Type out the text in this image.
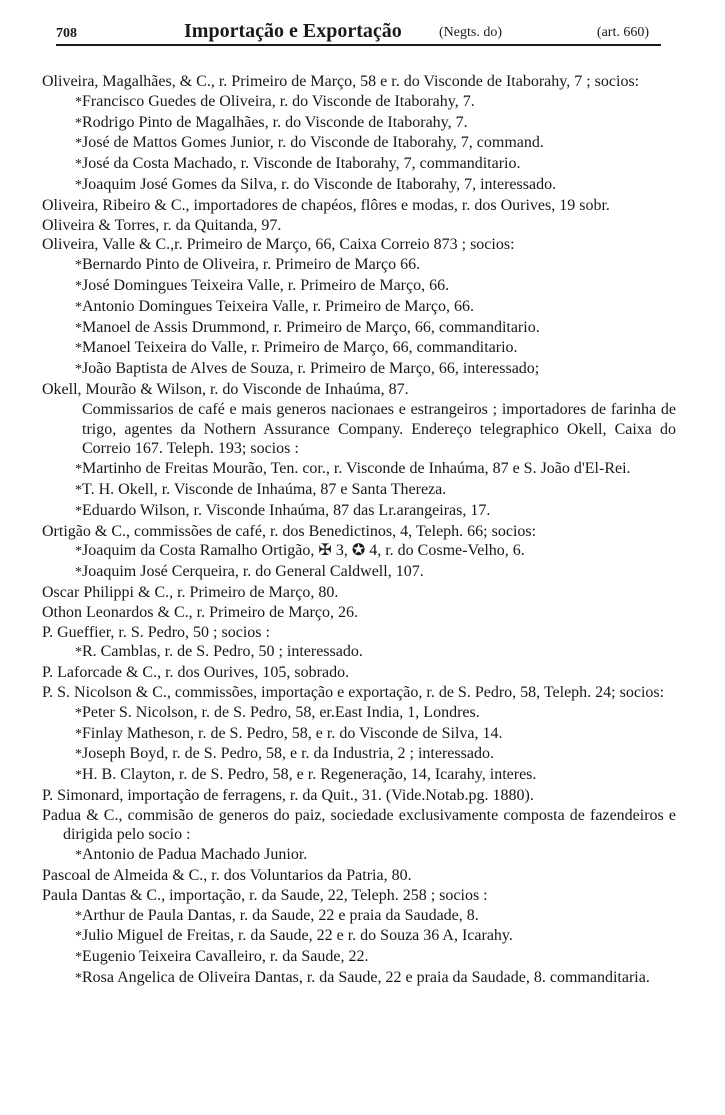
708	Importação e Exportação	(Negts. do)	(art. 660)

Oliveira, Magalhães, & C., r. Primeiro de Março, 58 e r. do Visconde de Itaborahy, 7 ; socios:

* Francisco Guedes de Oliveira, r. do Visconde de Itaborahy, 7.

* Rodrigo Pinto de Magalhães, r. do Visconde de Itaborahy, 7.

* José de Mattos Gomes Junior, r. do Visconde de Itaborahy, 7, command.

* José da Costa Machado, r. Visconde de Itaborahy, 7, commanditario.

* Joaquim José Gomes da Silva, r. do Visconde de Itaborahy, 7, interessado.

Oliveira, Ribeiro & C., importadores de chapéos, flôres e modas, r. dos Ourives, 19 sobr.

Oliveira & Torres, r. da Quitanda, 97.

Oliveira, Valle & C.,r. Primeiro de Março, 66, Caixa Correio 873 ; socios:

* Bernardo Pinto de Oliveira, r. Primeiro de Março 66.

* José Domingues Teixeira Valle, r. Primeiro de Março, 66.

* Antonio Domingues Teixeira Valle, r. Primeiro de Março, 66.

* Manoel de Assis Drummond, r. Primeiro de Março, 66, commanditario.

* Manoel Teixeira do Valle, r. Primeiro de Março, 66, commanditario.

* João Baptista de Alves de Souza, r. Primeiro de Março, 66, interessado;

Okell, Mourão & Wilson, r. do Visconde de Inhaúma, 87.

Commissarios de café e mais generos nacionaes e estrangeiros ; importadores de farinha de trigo, agentes da Nothern Assurance Company. Endereço telegraphico Okell, Caixa do Correio 167. Teleph. 193; socios :

* Martinho de Freitas Mourão, Ten. cor., r. Visconde de Inhaúma, 87 e S. João d'El-Rei.

* T. H. Okell, r. Visconde de Inhaúma, 87 e Santa Thereza.

* Eduardo Wilson, r. Visconde Inhaúma, 87 das Lr.arangeiras, 17.

Ortigão & C., commissões de café, r. dos Benedictinos, 4, Teleph. 66; socios:

* Joaquim da Costa Ramalho Ortigão, ✠ 3, ✪ 4, r. do Cosme-Velho, 6.

* Joaquim José Cerqueira, r. do General Caldwell, 107.

Oscar Philippi & C., r. Primeiro de Março, 80.

Othon Leonardos & C., r. Primeiro de Março, 26.

P. Gueffier, r. S. Pedro, 50 ; socios :

* R. Camblas, r. de S. Pedro, 50 ; interessado.

P. Laforcade & C., r. dos Ourives, 105, sobrado.

P. S. Nicolson & C., commissões, importação e exportação, r. de S. Pedro, 58, Teleph. 24; socios:

* Peter S. Nicolson, r. de S. Pedro, 58, er.East India, 1, Londres.

* Finlay Matheson, r. de S. Pedro, 58, e r. do Visconde de Silva, 14.

* Joseph Boyd, r. de S. Pedro, 58, e r. da Industria, 2 ; interessado.

* H. B. Clayton, r. de S. Pedro, 58, e r. Regeneração, 14, Icarahy, interes.

P. Simonard, importação de ferragens, r. da Quit., 31. (Vide.Notab.pg. 1880).

Padua & C., commisão de generos do paiz, sociedade exclusivamente composta de fazendeiros e dirigida pelo socio :

* Antonio de Padua Machado Junior.

Pascoal de Almeida & C., r. dos Voluntarios da Patria, 80.

Paula Dantas & C., importação, r. da Saude, 22, Teleph. 258 ; socios :

* Arthur de Paula Dantas, r. da Saude, 22 e praia da Saudade, 8.

* Julio Miguel de Freitas, r. da Saude, 22 e r. do Souza 36 A, Icarahy.

* Eugenio Teixeira Cavalleiro, r. da Saude, 22.

* Rosa Angelica de Oliveira Dantas, r. da Saude, 22 e praia da Saudade, 8. commanditaria.
